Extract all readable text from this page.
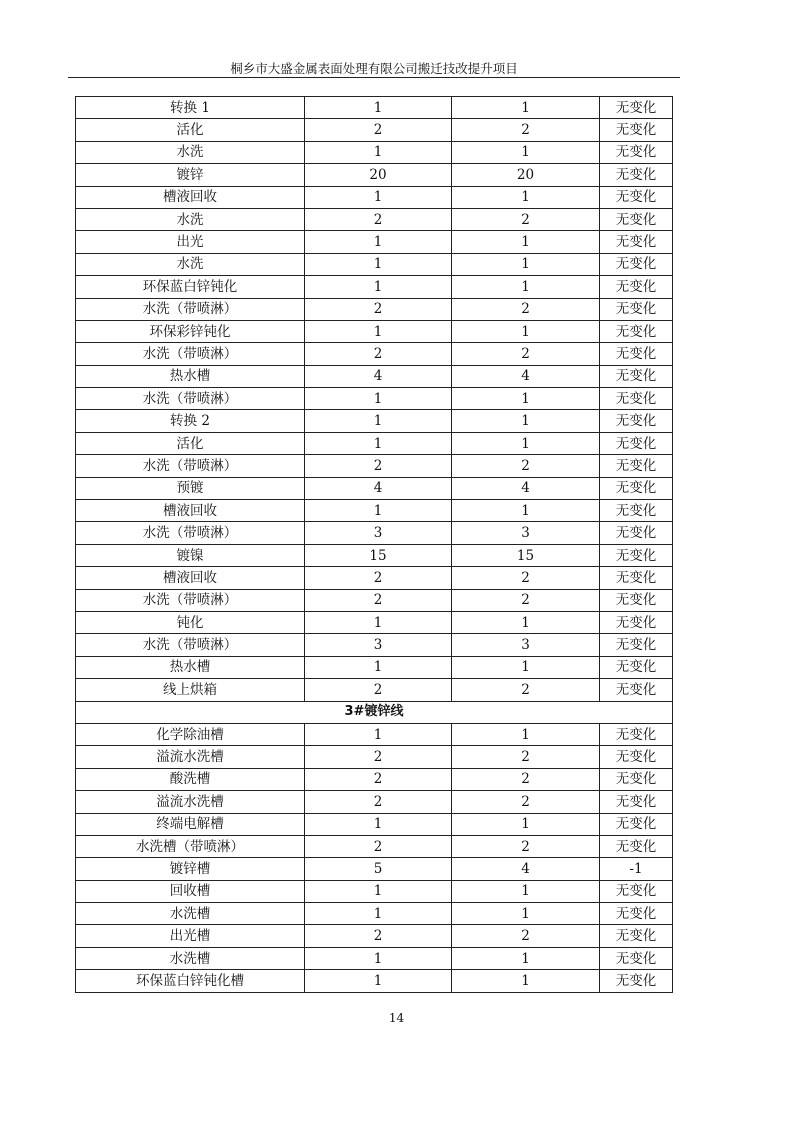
桐乡市大盛金属表面处理有限公司搬迁技改提升项目
转换 1	1	1	无变化
活化	2	2	无变化
水洗	1	1	无变化
镀锌	20	20	无变化
槽液回收	1	1	无变化
水洗	2	2	无变化
出光	1	1	无变化
水洗	1	1	无变化
环保蓝白锌钝化	1	1	无变化
水洗（带喷淋）	2	2	无变化
环保彩锌钝化	1	1	无变化
水洗（带喷淋）	2	2	无变化
热水槽	4	4	无变化
水洗（带喷淋）	1	1	无变化
转换 2	1	1	无变化
活化	1	1	无变化
水洗（带喷淋）	2	2	无变化
预镀	4	4	无变化
槽液回收	1	1	无变化
水洗（带喷淋）	3	3	无变化
镀镍	15	15	无变化
槽液回收	2	2	无变化
水洗（带喷淋）	2	2	无变化
钝化	1	1	无变化
水洗（带喷淋）	3	3	无变化
热水槽	1	1	无变化
线上烘箱	2	2	无变化
3#镀锌线			
化学除油槽	1	1	无变化
溢流水洗槽	2	2	无变化
酸洗槽	2	2	无变化
溢流水洗槽	2	2	无变化
终端电解槽	1	1	无变化
水洗槽（带喷淋）	2	2	无变化
镀锌槽	5	4	-1
回收槽	1	1	无变化
水洗槽	1	1	无变化
出光槽	2	2	无变化
水洗槽	1	1	无变化
环保蓝白锌钝化槽	1	1	无变化
14
